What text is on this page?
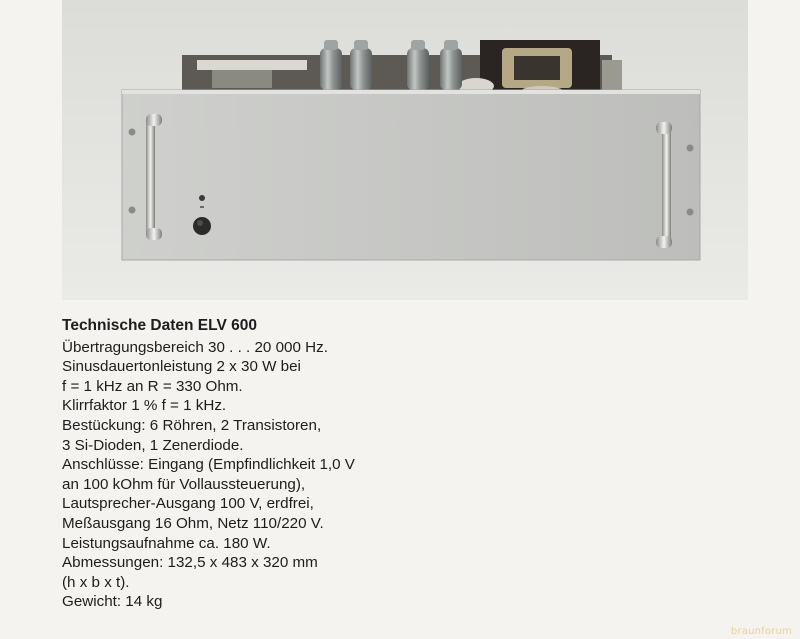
Technische Daten ELV 600
Übertragungsbereich 30 . . . 20 000 Hz.
Sinusdauertonleistung 2 x 30 W bei
f = 1 kHz an R = 330 Ohm.
Klirrfaktor 1 % f = 1 kHz.
Bestückung: 6 Röhren, 2 Transistoren,
3 Si-Dioden, 1 Zenerdiode.
Anschlüsse: Eingang (Empfindlichkeit 1,0 V
an 100 kOhm für Vollaussteuerung),
Lautsprecher-Ausgang 100 V, erdfrei,
Meßausgang 16 Ohm, Netz 110/220 V.
Leistungsaufnahme ca. 180 W.
Abmessungen: 132,5 x 483 x 320 mm
(h x b x t).
Gewicht: 14 kg
braunforum
